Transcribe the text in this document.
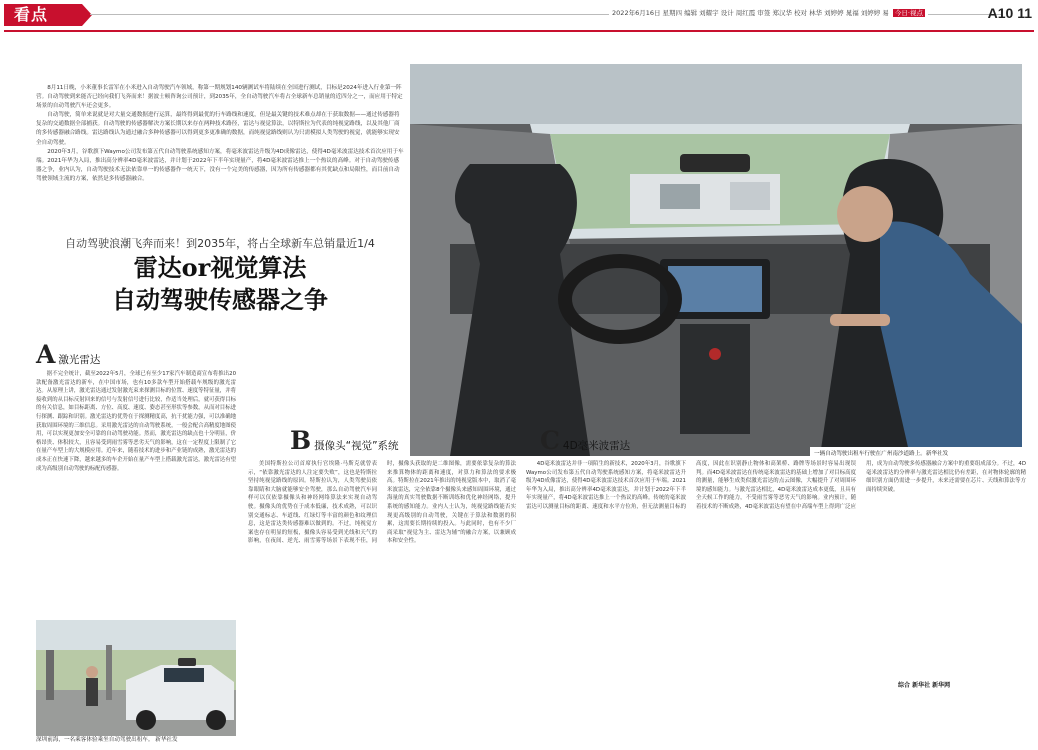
看点	2022年6月16日 星期四 编辑 刘耀宇 设计 周红霞 审签 郑汉华 校对 林华 刘婷婷 晁福 刘婷婷 易 今日·视点	A10 11

8月11日晚，小米董事长雷军在小米进入自动驾驶汽车领域，称第一期规划140辆测试车将陆续在全国进行测试，目标是2024年进入行业第一阵营。自动驾驶到来能否已经向我们飞奔而来！据波士顿咨询公司预计，到2035年，全自动驾驶汽车将占全球新车总销量的近四分之一，而应用于特定场景的自动驾驶汽车还会更多。

自动驾驶，简单来说就是对大量交通数据进行运算，最终得到最优的行车路线和速度，但是最关键的技术难点却在于获取数据——通过传感器将复杂的交通数据全部捕获。自动驾驶的传感器解决方案长期以来存在两种技术路径，雷达与视觉算法，以特斯拉为代表的纯视觉路线，以及其他厂商的多传感器融合路线。雷达路线认为通过融合多种传感器可以得到更多更准确的数据，而纯视觉路线则认为只需模拟人类驾驶的视觉，就能够实现安全自动驾驶。

2020年3月，谷歌旗下Waymo公司发布第五代自动驾驶系统感知方案，将毫米波雷达升级为4D成像雷达，使得4D毫米波雷达技术首次应用于车端。2021年华为入局，推出高分辨率4D毫米波雷达，并计划于2022年下半年实现量产，将4D毫米波雷达推上一个热议的高峰。对于自动驾驶传感器之争，业内认为，自动驾驶技术无法依靠单一的传感器作一统天下，没有一个完美的传感器，因为所有传感器都有其优缺点和局限性，而目前自动驾驶领域主流的方案，依然是多传感器融合。

自动驾驶浪潮飞奔而来！到2035年，将占全球新车总销量近1/4
雷达or视觉算法
自动驾驶传感器之争
一辆自动驾驶出租车行驶在广州南沙道路上。新华社发
A 激光雷达

据不完全统计，截至2022年5月，全球已有至少17家汽车制造商宣布将推出20款配备激光雷达的新车，在中国市场，也有10多款车型开始搭载车规级的激光雷达。从原理上讲，激光雷达通过发射激光束来探测目标的位置、速度等特征量，并将接收到的从目标反射回来的信号与发射信号进行比较，作适当处理后，就可获得目标的有关信息，如目标距离、方位、高度、速度、姿态甚至形状等参数，从而对目标进行探测、跟踪和识别。激光雷达的优势在于探测精度高，抗干扰能力强，可以准确地获取周围环境的三维信息。采用激光雷达的自动驾驶系统，一般会配合高精度地图使用，可以实现更加安全可靠的自动驾驶功能。然而，激光雷达的缺点也十分明显，价格昂贵、体积较大，且容易受到雨雪雾等恶劣天气的影响，这在一定程度上限制了它在量产车型上的大规模应用。近年来，随着技术的进步和产业链的成熟，激光雷达的成本正在快速下降，越来越多的车企开始在量产车型上搭载激光雷达，激光雷达有望成为高级别自动驾驶的标配传感器。

深圳前海，一名乘客体验乘坐自动驾驶出租车。 新华社发
B 摄像头“视觉”系统

美国特斯拉公司首席执行官埃隆·马斯克就曾表示，“依靠激光雷达的人注定要失败”，这也是特斯拉坚持纯视觉路线的原因。特斯拉认为，人类驾驶员依靠眼睛和大脑就能够安全驾驶，那么自动驾驶汽车同样可以仅依靠摄像头和神经网络算法来实现自动驾驶。摄像头的优势在于成本低廉，技术成熟，可以识别交通标志、车道线、红绿灯等丰富的颜色和纹理信息，这是雷达类传感器难以做到的。不过，纯视觉方案也存在明显的短板，摄像头容易受到光线和天气的影响，在夜间、逆光、雨雪雾等场景下表现不佳，同时，摄像头获取的是二维图像，需要依靠复杂的算法来推算物体的距离和速度，对算力和算法的要求极高。特斯拉在2021年推出的纯视觉版本中，取消了毫米波雷达，完全依靠8个摄像头来感知周围环境，通过海量的真实驾驶数据不断训练和优化神经网络，提升系统的感知能力。业内人士认为，纯视觉路线能否实现更高级别的自动驾驶，关键在于算法和数据的积累，这需要长期持续的投入。与此同时，也有不少厂商采取“视觉为主、雷达为辅”的融合方案，以兼顾成本和安全性。

C 4D毫米波雷达

4D毫米波雷达并非一项陌生的新技术，2020年3月，谷歌旗下Waymo公司发布第五代自动驾驶系统感知方案，将毫米波雷达升级为4D成像雷达，使得4D毫米波雷达技术首次应用于车端。2021年华为入局，推出高分辨率4D毫米波雷达，并计划于2022年下半年实现量产，将4D毫米波雷达推上一个热议的高峰。传统的毫米波雷达可以测量目标的距离、速度和水平方位角，但无法测量目标的高度，因此在识别静止物体和高架桥、路牌等场景时容易出现误判。而4D毫米波雷达在传统毫米波雷达的基础上增加了对目标高度的测量，能够生成类似激光雷达的点云图像，大幅提升了对周围环境的感知能力。与激光雷达相比，4D毫米波雷达成本更低，且具有全天候工作的能力，不受雨雪雾等恶劣天气的影响。业内预计，随着技术的不断成熟，4D毫米波雷达有望在中高端车型上得到广泛应用，成为自动驾驶多传感器融合方案中的重要组成部分。不过，4D毫米波雷达的分辨率与激光雷达相比仍有差距，在对物体轮廓的精细识别方面仍需进一步提升，未来还需要在芯片、天线和算法等方面持续突破。

综合 新华社 新华网
